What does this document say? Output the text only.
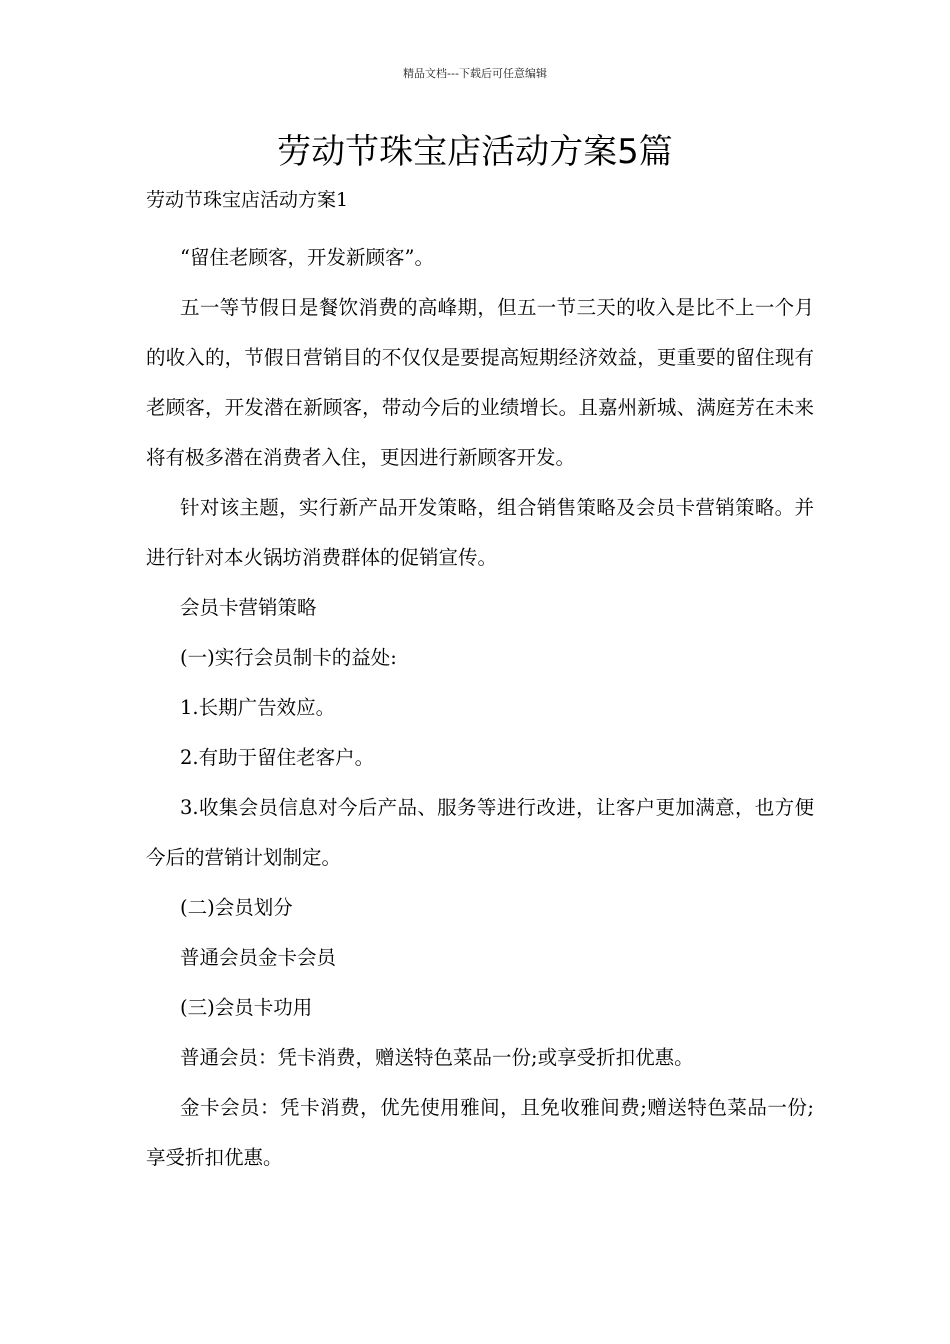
精品文档---下载后可任意编辑
劳动节珠宝店活动方案5篇

劳动节珠宝店活动方案1

“留住老顾客，开发新顾客”。

五一等节假日是餐饮消费的高峰期，但五一节三天的收入是比不上一个月的收入的，节假日营销目的不仅仅是要提高短期经济效益，更重要的留住现有老顾客，开发潜在新顾客，带动今后的业绩增长。且嘉州新城、满庭芳在未来将有极多潜在消费者入住，更因进行新顾客开发。

针对该主题，实行新产品开发策略，组合销售策略及会员卡营销策略。并进行针对本火锅坊消费群体的促销宣传。

会员卡营销策略

(一)实行会员制卡的益处:

1.长期广告效应。

2.有助于留住老客户。

3.收集会员信息对今后产品、服务等进行改进，让客户更加满意，也方便今后的营销计划制定。

(二)会员划分

普通会员金卡会员

(三)会员卡功用

普通会员：凭卡消费，赠送特色菜品一份;或享受折扣优惠。

金卡会员：凭卡消费，优先使用雅间，且免收雅间费;赠送特色菜品一份;享受折扣优惠。
